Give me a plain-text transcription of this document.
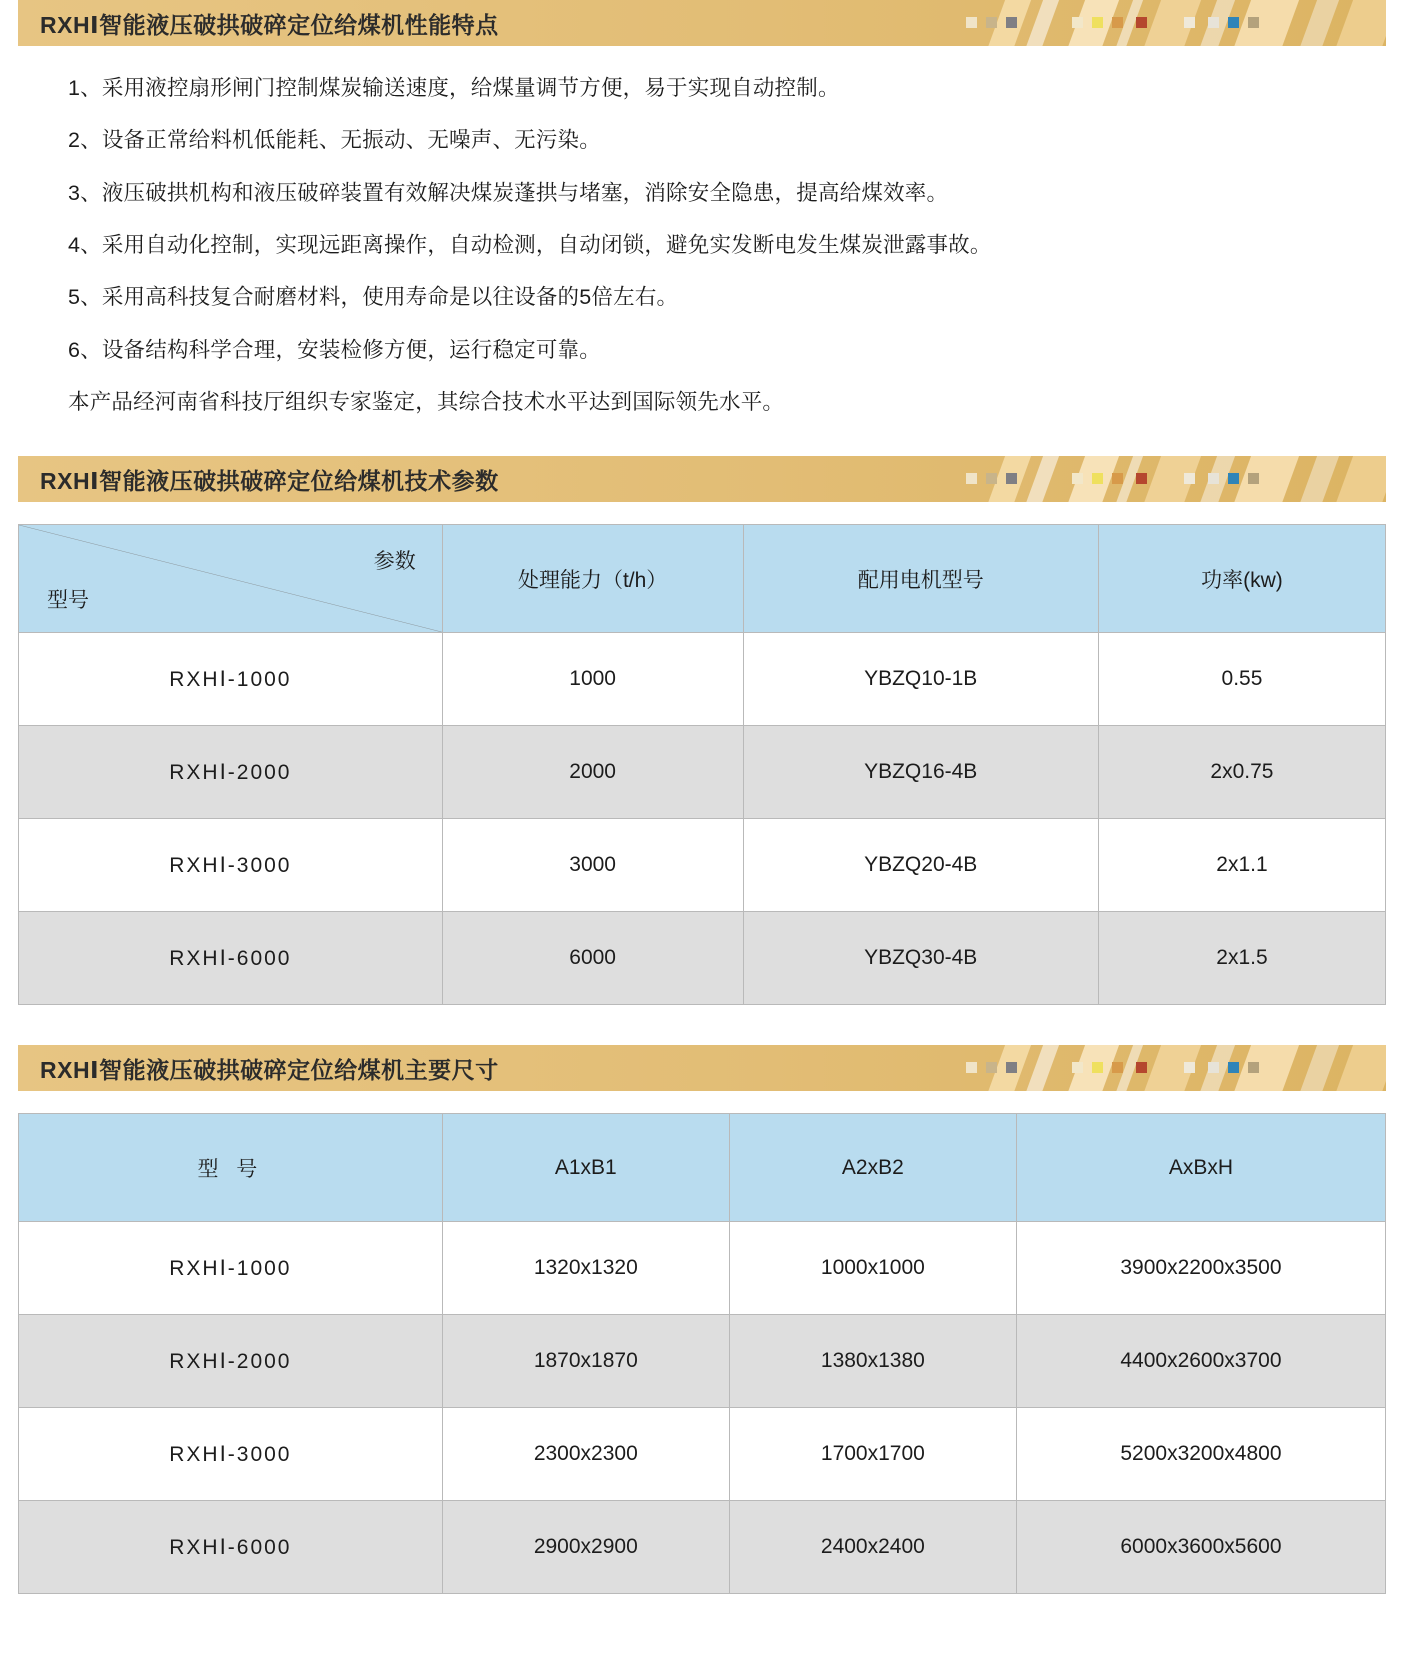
RXHⅠ智能液压破拱破碎定位给煤机性能特点
1、采用液控扇形闸门控制煤炭输送速度，给煤量调节方便，易于实现自动控制。
2、设备正常给料机低能耗、无振动、无噪声、无污染。
3、液压破拱机构和液压破碎装置有效解决煤炭蓬拱与堵塞，消除安全隐患，提高给煤效率。
4、采用自动化控制，实现远距离操作，自动检测，自动闭锁，避免实发断电发生煤炭泄露事故。
5、采用高科技复合耐磨材料，使用寿命是以往设备的5倍左右。
6、设备结构科学合理，安装检修方便，运行稳定可靠。
本产品经河南省科技厅组织专家鉴定，其综合技术水平达到国际领先水平。
RXHⅠ智能液压破拱破碎定位给煤机技术参数
参数
型号	处理能力（t/h）	配用电机型号	功率(kw)
RXHⅠ-1000	1000	YBZQ10-1B	0.55
RXHⅠ-2000	2000	YBZQ16-4B	2x0.75
RXHⅠ-3000	3000	YBZQ20-4B	2x1.1
RXHⅠ-6000	6000	YBZQ30-4B	2x1.5
RXHⅠ智能液压破拱破碎定位给煤机主要尺寸
型 号	A1xB1	A2xB2	AxBxH
RXHⅠ-1000	1320x1320	1000x1000	3900x2200x3500
RXHⅠ-2000	1870x1870	1380x1380	4400x2600x3700
RXHⅠ-3000	2300x2300	1700x1700	5200x3200x4800
RXHⅠ-6000	2900x2900	2400x2400	6000x3600x5600
